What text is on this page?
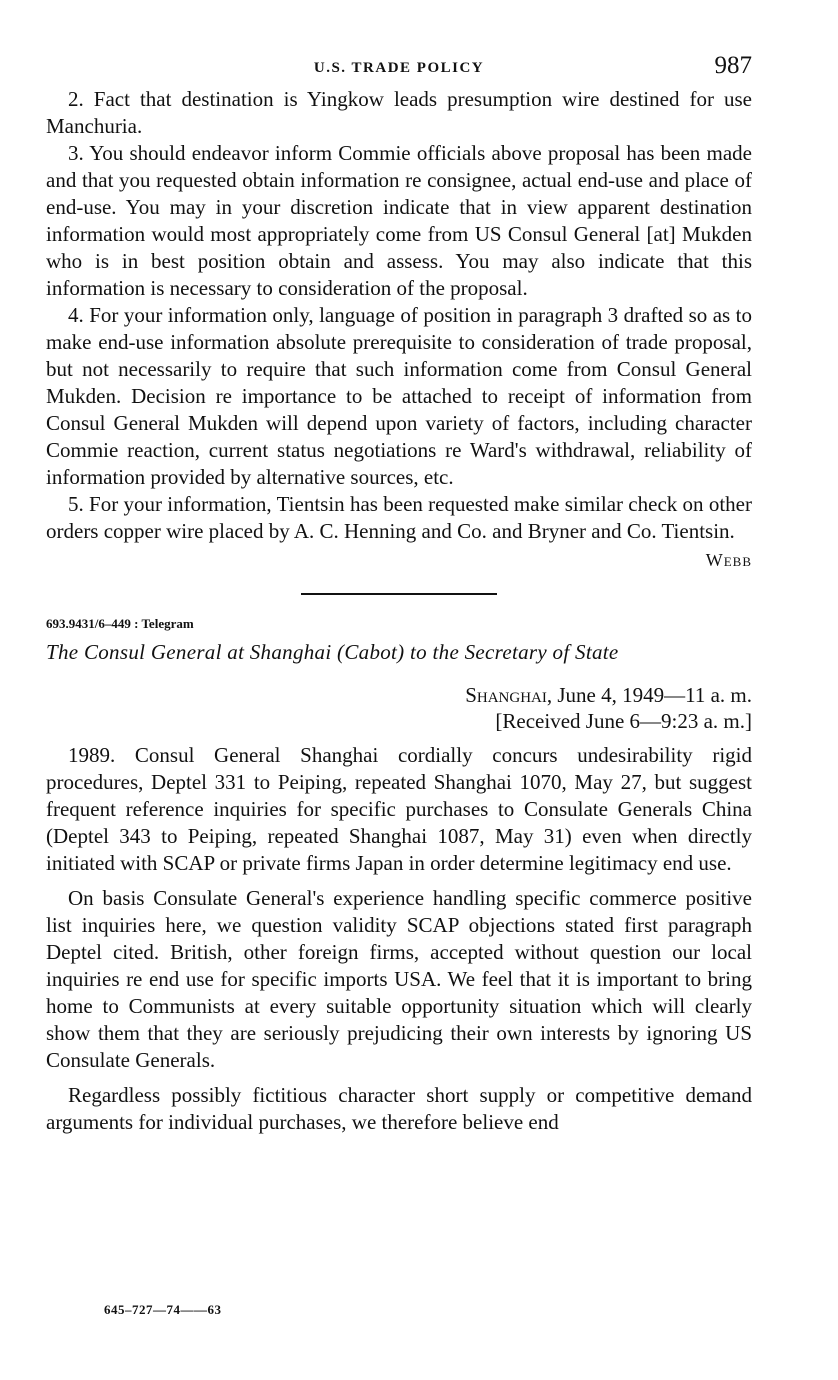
U.S. TRADE POLICY	987

2. Fact that destination is Yingkow leads presumption wire destined for use Manchuria.

3. You should endeavor inform Commie officials above proposal has been made and that you requested obtain information re consignee, actual end-use and place of end-use. You may in your discretion indicate that in view apparent destination information would most appropriately come from US Consul General [at] Mukden who is in best position obtain and assess. You may also indicate that this information is necessary to consideration of the proposal.

4. For your information only, language of position in paragraph 3 drafted so as to make end-use information absolute prerequisite to consideration of trade proposal, but not necessarily to require that such information come from Consul General Mukden. Decision re importance to be attached to receipt of information from Consul General Mukden will depend upon variety of factors, including character Commie reaction, current status negotiations re Ward's withdrawal, reliability of information provided by alternative sources, etc.

5. For your information, Tientsin has been requested make similar check on other orders copper wire placed by A. C. Henning and Co. and Bryner and Co. Tientsin.

Webb
693.9431/6–449 : Telegram
The Consul General at Shanghai (Cabot) to the Secretary of State
Shanghai, June 4, 1949—11 a. m.
[Received June 6—9:23 a. m.]

1989. Consul General Shanghai cordially concurs undesirability rigid procedures, Deptel 331 to Peiping, repeated Shanghai 1070, May 27, but suggest frequent reference inquiries for specific purchases to Consulate Generals China (Deptel 343 to Peiping, repeated Shanghai 1087, May 31) even when directly initiated with SCAP or private firms Japan in order determine legitimacy end use.

On basis Consulate General's experience handling specific commerce positive list inquiries here, we question validity SCAP objections stated first paragraph Deptel cited. British, other foreign firms, accepted without question our local inquiries re end use for specific imports USA. We feel that it is important to bring home to Communists at every suitable opportunity situation which will clearly show them that they are seriously prejudicing their own interests by ignoring US Consulate Generals.

Regardless possibly fictitious character short supply or competitive demand arguments for individual purchases, we therefore believe end

645–727—74——63
